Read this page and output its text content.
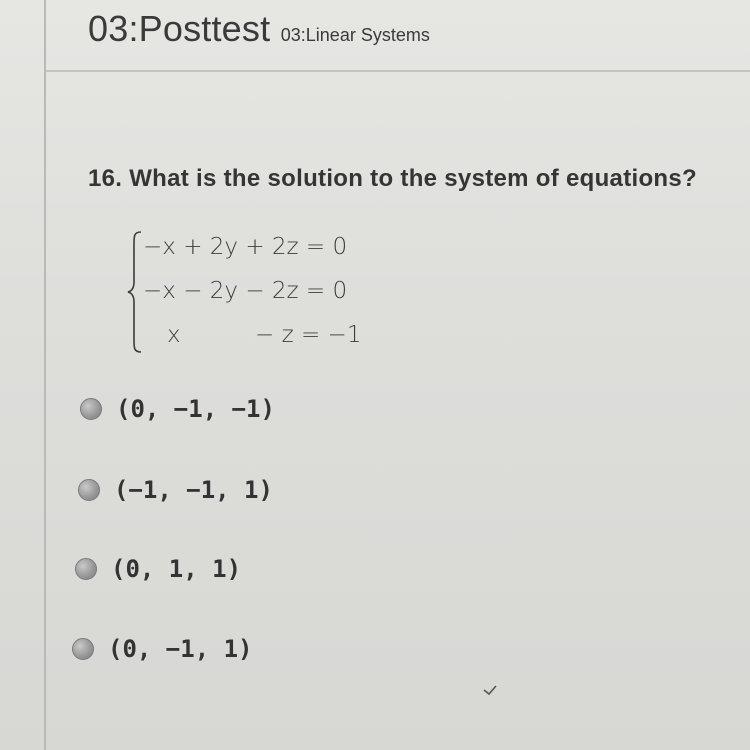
03:Posttest 03:Linear Systems
16. What is the solution to the system of equations?
−x + 2y + 2z = 0
−x − 2y − 2z = 0
x	− z = −1
(0, −1, −1)
(−1, −1, 1)
(0, 1, 1)
(0, −1, 1)
